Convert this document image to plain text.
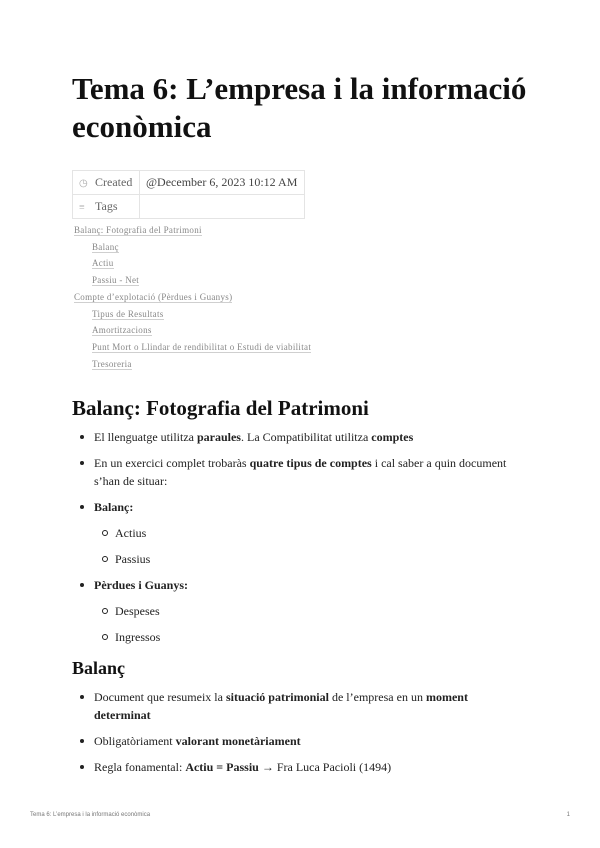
Tema 6: L’empresa i la informació econòmica
◷ Created	@December 6, 2023 10:12 AM
≡ Tags	
Balanç: Fotografia del Patrimoni
Balanç
Actiu
Passiu - Net
Compte d’explotació (Pèrdues i Guanys)
Tipus de Resultats
Amortitzacions
Punt Mort o Llindar de rendibilitat o Estudi de viabilitat
Tresoreria
Balanç: Fotografia del Patrimoni
El llenguatge utilitza paraules. La Compatibilitat utilitza comptes
En un exercici complet trobaràs quatre tipus de comptes i cal saber a quin document s’han de situar:
Balanç:
Actius
Passius
Pèrdues i Guanys:
Despeses
Ingressos
Balanç
Document que resumeix la situació patrimonial de l’empresa en un moment determinat
Obligatòriament valorant monetàriament
Regla fonamental: Actiu = Passiu → Fra Luca Pacioli (1494)
Tema 6: L’empresa i la informació econòmica	1
